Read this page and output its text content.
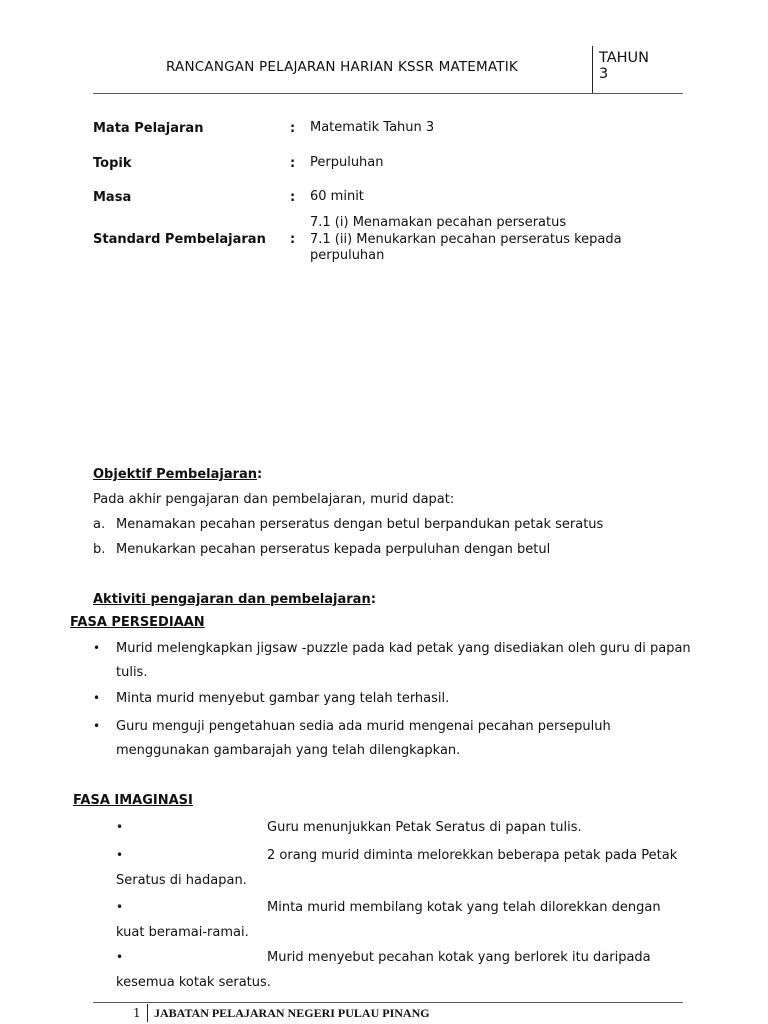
RANCANGAN PELAJARAN HARIAN KSSR MATEMATIK
TAHUN
3
Mata Pelajaran	: Matematik Tahun 3
Topik	: Perpuluhan
Masa	: 60 minit
Standard Pembelajaran :
7.1 (i) Menamakan pecahan perseratus
7.1 (ii) Menukarkan pecahan perseratus kepada
perpuluhan
Objektif Pembelajaran:
Pada akhir pengajaran dan pembelajaran, murid dapat:
a. Menamakan pecahan perseratus dengan betul berpandukan petak seratus
b. Menukarkan pecahan perseratus kepada perpuluhan dengan betul
Aktiviti pengajaran dan pembelajaran:
FASA PERSEDIAAN
• Murid melengkapkan jigsaw -puzzle pada kad petak yang disediakan oleh guru di papan
tulis.
• Minta murid menyebut gambar yang telah terhasil.
• Guru menguji pengetahuan sedia ada murid mengenai pecahan persepuluh
menggunakan gambarajah yang telah dilengkapkan.
FASA IMAGINASI
•	Guru menunjukkan Petak Seratus di papan tulis.
•	2 orang murid diminta melorekkan beberapa petak pada Petak
Seratus di hadapan.
•	Minta murid membilang kotak yang telah dilorekkan dengan
kuat beramai-ramai.
•	Murid menyebut pecahan kotak yang berlorek itu daripada
kesemua kotak seratus.
1 JABATAN PELAJARAN NEGERI PULAU PINANG
